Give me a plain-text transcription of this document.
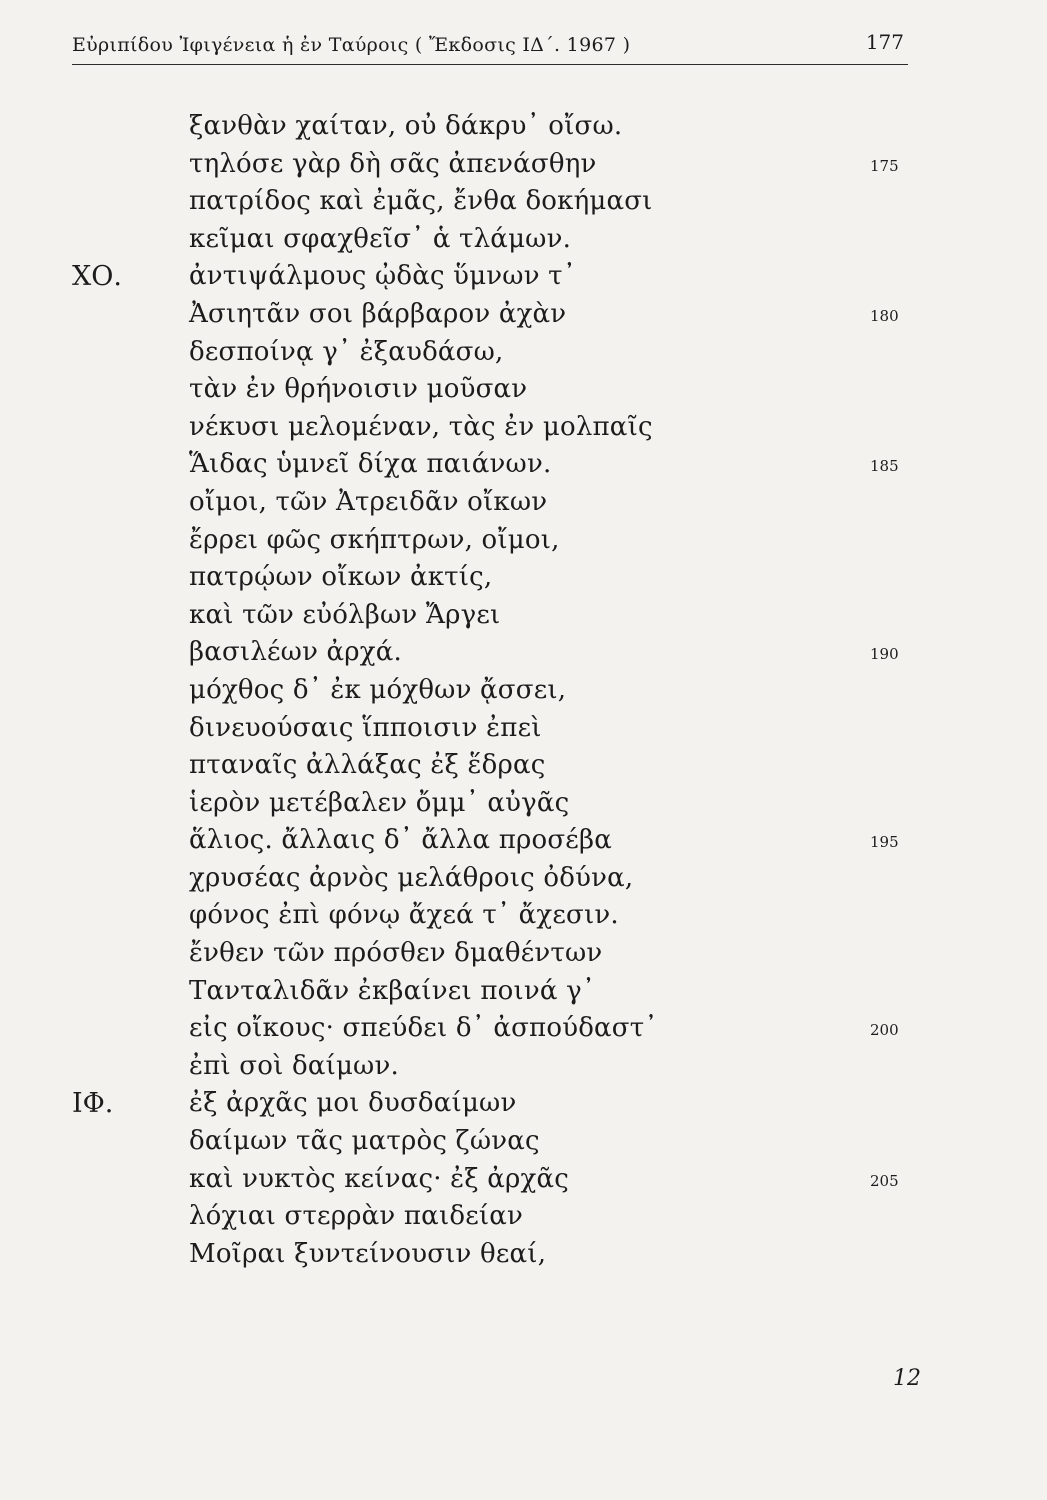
Εὐριπίδου Ἰφιγένεια ἡ ἐν Ταύροις ( Ἔκδοσις ΙΔ΄. 1967 )	177
ξανθὰν χαίταν, οὐ δάκρυ᾽ οἴσω.
τηλόσε γὰρ δὴ σᾶς ἀπενάσθην	175
πατρίδος καὶ ἐμᾶς, ἔνθα δοκήμασι
κεῖμαι σφαχθεῖσ᾽ ἁ τλάμων.
ΧΟ.	ἀντιψάλμους ᾠδὰς ὕμνων τ᾽
Ἀσιητᾶν σοι βάρβαρον ἀχὰν	180
δεσποίνᾳ γ᾽ ἐξαυδάσω,
τὰν ἐν θρήνοισιν μοῦσαν
νέκυσι μελομέναν, τὰς ἐν μολπαῖς
Ἅιδας ὑμνεῖ δίχα παιάνων.	185
οἴμοι, τῶν Ἀτρειδᾶν οἴκων
ἔρρει φῶς σκήπτρων, οἴμοι,
πατρῴων οἴκων ἀκτίς,
καὶ τῶν εὐόλβων Ἄργει
βασιλέων ἀρχά.	190
μόχθος δ᾽ ἐκ μόχθων ᾄσσει,
δινευούσαις ἵπποισιν ἐπεὶ
πταναῖς ἀλλάξας ἐξ ἕδρας
ἱερὸν μετέβαλεν ὄμμ᾽ αὐγᾶς
ἅλιος. ἄλλαις δ᾽ ἄλλα προσέβα	195
χρυσέας ἀρνὸς μελάθροις ὀδύνα,
φόνος ἐπὶ φόνῳ ἄχεά τ᾽ ἄχεσιν.
ἔνθεν τῶν πρόσθεν δμαθέντων
Τανταλιδᾶν ἐκβαίνει ποινά γ᾽
εἰς οἴκους· σπεύδει δ᾽ ἀσπούδαστ᾽	200
ἐπὶ σοὶ δαίμων.
ΙΦ.	ἐξ ἀρχᾶς μοι δυσδαίμων
δαίμων τᾶς ματρὸς ζώνας
καὶ νυκτὸς κείνας· ἐξ ἀρχᾶς	205
λόχιαι στερρὰν παιδείαν
Μοῖραι ξυντείνουσιν θεαί,
12
